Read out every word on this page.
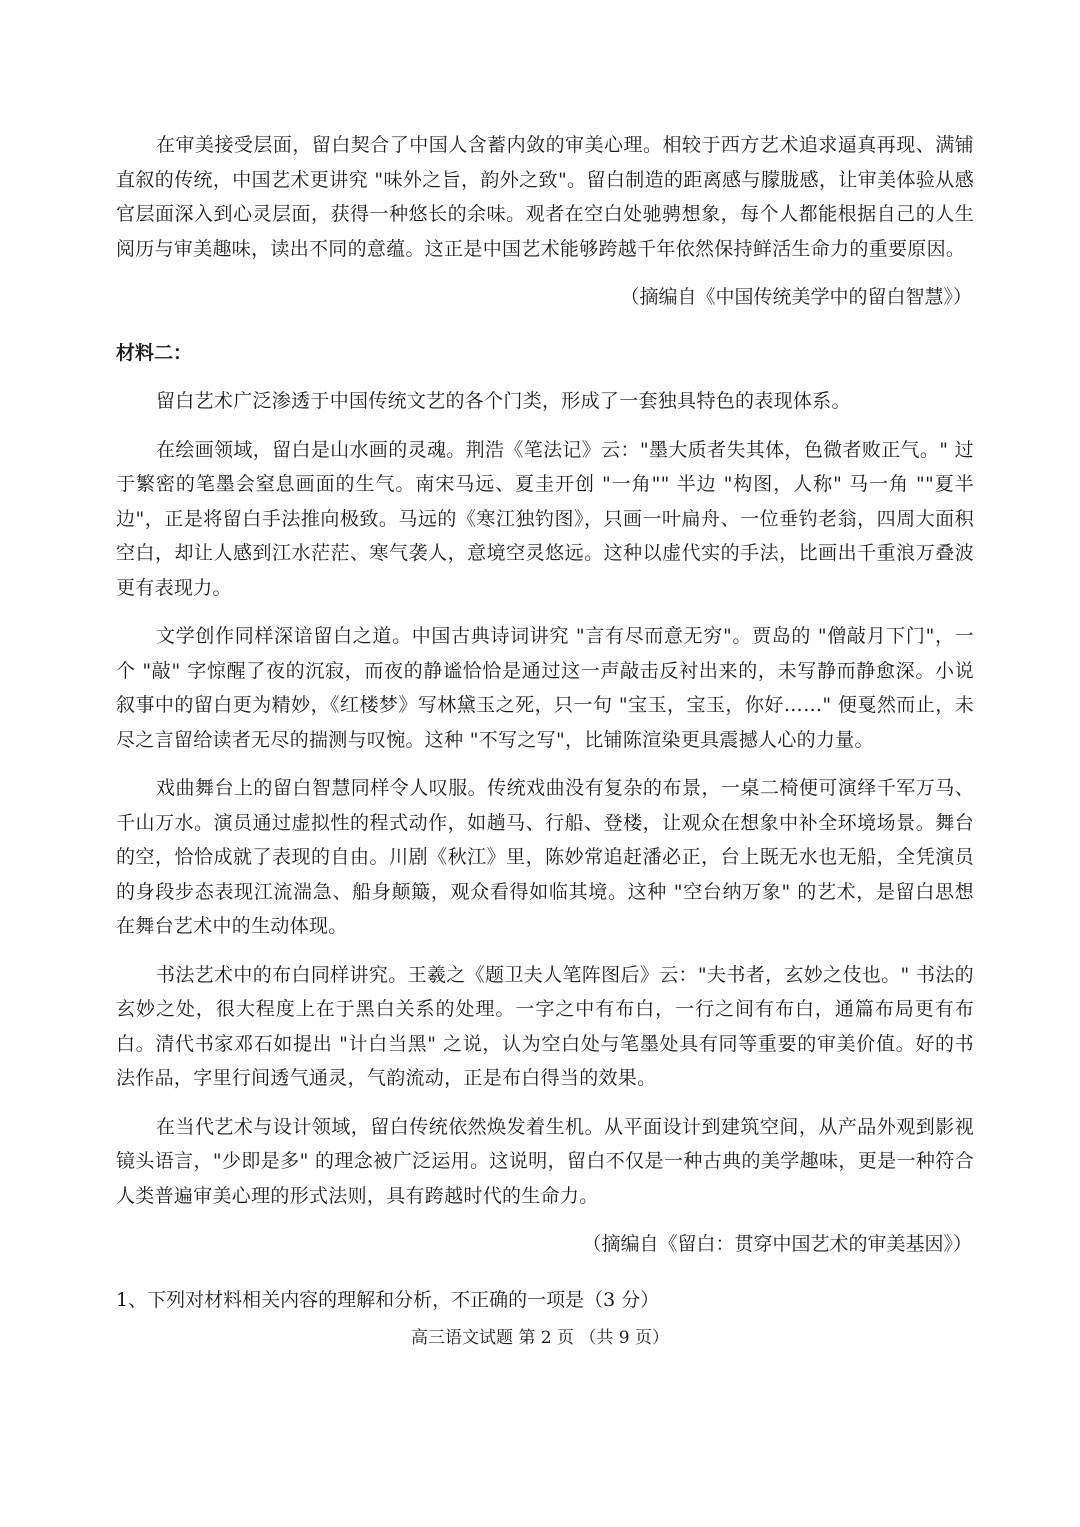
在审美接受层面，留白契合了中国人含蓄内敛的审美心理。相较于西方艺术追求逼真再现、满铺直叙的传统，中国艺术更讲究 "味外之旨，韵外之致"。留白制造的距离感与朦胧感，让审美体验从感官层面深入到心灵层面，获得一种悠长的余味。观者在空白处驰骋想象，每个人都能根据自己的人生阅历与审美趣味，读出不同的意蕴。这正是中国艺术能够跨越千年依然保持鲜活生命力的重要原因。

（摘编自《中国传统美学中的留白智慧》）

材料二：

留白艺术广泛渗透于中国传统文艺的各个门类，形成了一套独具特色的表现体系。

在绘画领域，留白是山水画的灵魂。荆浩《笔法记》云："墨大质者失其体，色微者败正气。" 过于繁密的笔墨会窒息画面的生气。南宋马远、夏圭开创 "一角"" 半边 "构图，人称" 马一角 ""夏半边"，正是将留白手法推向极致。马远的《寒江独钓图》，只画一叶扁舟、一位垂钓老翁，四周大面积空白，却让人感到江水茫茫、寒气袭人，意境空灵悠远。这种以虚代实的手法，比画出千重浪万叠波更有表现力。

文学创作同样深谙留白之道。中国古典诗词讲究 "言有尽而意无穷"。贾岛的 "僧敲月下门"，一个 "敲" 字惊醒了夜的沉寂，而夜的静谧恰恰是通过这一声敲击反衬出来的，未写静而静愈深。小说叙事中的留白更为精妙，《红楼梦》写林黛玉之死，只一句 "宝玉，宝玉，你好……" 便戛然而止，未尽之言留给读者无尽的揣测与叹惋。这种 "不写之写"，比铺陈渲染更具震撼人心的力量。

戏曲舞台上的留白智慧同样令人叹服。传统戏曲没有复杂的布景，一桌二椅便可演绎千军万马、千山万水。演员通过虚拟性的程式动作，如趟马、行船、登楼，让观众在想象中补全环境场景。舞台的空，恰恰成就了表现的自由。川剧《秋江》里，陈妙常追赶潘必正，台上既无水也无船，全凭演员的身段步态表现江流湍急、船身颠簸，观众看得如临其境。这种 "空台纳万象" 的艺术，是留白思想在舞台艺术中的生动体现。

书法艺术中的布白同样讲究。王羲之《题卫夫人笔阵图后》云："夫书者，玄妙之伎也。" 书法的玄妙之处，很大程度上在于黑白关系的处理。一字之中有布白，一行之间有布白，通篇布局更有布白。清代书家邓石如提出 "计白当黑" 之说，认为空白处与笔墨处具有同等重要的审美价值。好的书法作品，字里行间透气通灵，气韵流动，正是布白得当的效果。

在当代艺术与设计领域，留白传统依然焕发着生机。从平面设计到建筑空间，从产品外观到影视镜头语言，"少即是多" 的理念被广泛运用。这说明，留白不仅是一种古典的美学趣味，更是一种符合人类普遍审美心理的形式法则，具有跨越时代的生命力。

（摘编自《留白：贯穿中国艺术的审美基因》）

1、下列对材料相关内容的理解和分析，不正确的一项是（3 分）

高三语文试题 第 2 页 （共 9 页）
